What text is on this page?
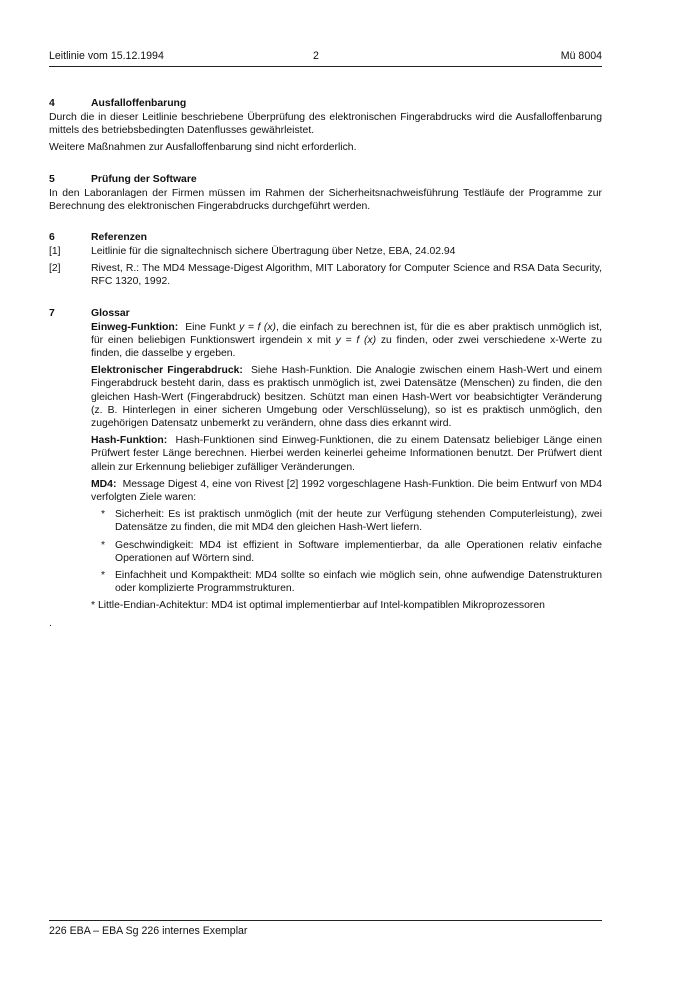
Leitlinie vom 15.12.1994	2	Mü 8004
4	Ausfalloffenbarung

Durch die in dieser Leitlinie beschriebene Überprüfung des elektronischen Fingerabdrucks wird die Ausfalloffenbarung mittels des betriebsbedingten Datenflusses gewährleistet.

Weitere Maßnahmen zur Ausfalloffenbarung sind nicht erforderlich.

5	Prüfung der Software

In den Laboranlagen der Firmen müssen im Rahmen der Sicherheitsnachweisführung Testläufe der Programme zur Berechnung des elektronischen Fingerabdrucks durchgeführt werden.

6	Referenzen
[1]	Leitlinie für die signaltechnisch sichere Übertragung über Netze, EBA, 24.02.94
[2]	Rivest, R.: The MD4 Message-Digest Algorithm, MIT Laboratory for Computer Science and RSA Data Security, RFC 1320, 1992.
7	Glossar

Einweg-Funktion: Eine Funkt y = f (x), die einfach zu berechnen ist, für die es aber praktisch unmöglich ist, für einen beliebigen Funktionswert irgendein x mit y = f (x) zu finden, oder zwei verschiedene x-Werte zu finden, die dasselbe y ergeben.

Elektronischer Fingerabdruck: Siehe Hash-Funktion. Die Analogie zwischen einem Hash-Wert und einem Fingerabdruck besteht darin, dass es praktisch unmöglich ist, zwei Datensätze (Menschen) zu finden, die den gleichen Hash-Wert (Fingerabdruck) besitzen. Schützt man einen Hash-Wert vor beabsichtigter Veränderung (z. B. Hinterlegen in einer sicheren Umgebung oder Verschlüsselung), so ist es praktisch unmöglich, den zugehörigen Datensatz unbemerkt zu verändern, ohne dass dies erkannt wird.

Hash-Funktion: Hash-Funktionen sind Einweg-Funktionen, die zu einem Datensatz beliebiger Länge einen Prüfwert fester Länge berechnen. Hierbei werden keinerlei geheime Informationen benutzt. Der Prüfwert dient allein zur Erkennung beliebiger zufälliger Veränderungen.

MD4: Message Digest 4, eine von Rivest [2] 1992 vorgeschlagene Hash-Funktion. Die beim Entwurf von MD4 verfolgten Ziele waren:

* Sicherheit: Es ist praktisch unmöglich (mit der heute zur Verfügung stehenden Computerleistung), zwei Datensätze zu finden, die mit MD4 den gleichen Hash-Wert liefern.
* Geschwindigkeit: MD4 ist effizient in Software implementierbar, da alle Operationen relativ einfache Operationen auf Wörtern sind.
* Einfachheit und Kompaktheit: MD4 sollte so einfach wie möglich sein, ohne aufwendige Datenstrukturen oder komplizierte Programmstrukturen.

* Little-Endian-Achitektur: MD4 ist optimal implementierbar auf Intel-kompatiblen Mikroprozessoren

.
226 EBA – EBA Sg 226 internes Exemplar
